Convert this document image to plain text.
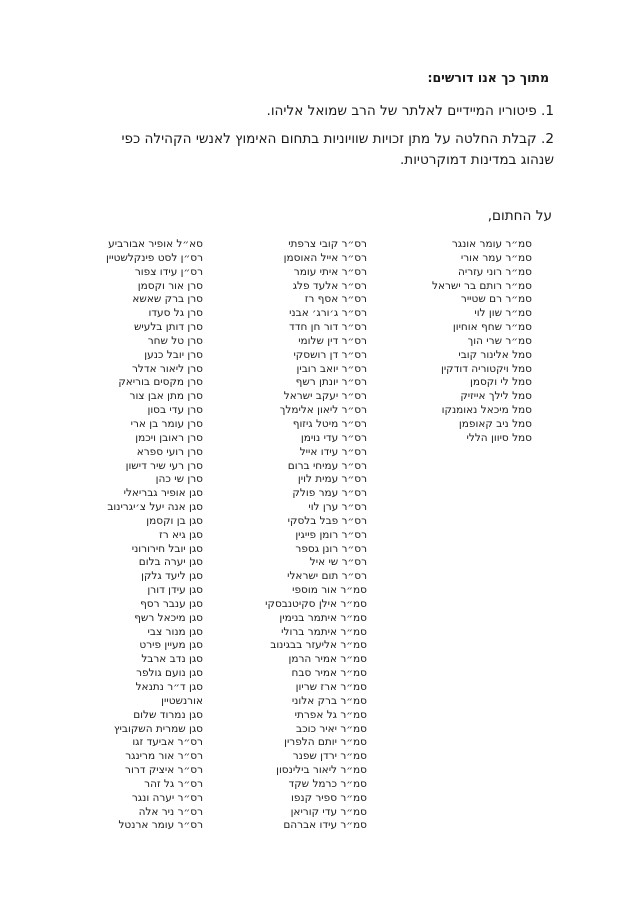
מתוך כך אנו דורשים:

1. פיטוריו המיידיים לאלתר של הרב שמואל אליהו.

2. קבלת החלטה על מתן זכויות שוויוניות בתחום האימוץ לאנשי הקהילה כפי שנהוג במדינות דמוקרטיות.

על החתום,

סמ״ר עומר אונגר
סמ״ר עמר אורי
סמ״ר רוני עזריה
סמ״ר רותם בר ישראל
סמ״ר רם שטייר
סמ״ר שון לוי
סמ״ר שחף אוחיון
סמ״ר שרי הוך
סמל אלינור קובי
סמל ויקטוריה דודקין
סמל לי וקסמן
סמל לילך אייזיק
סמל מיכאל נאומנקו
סמל ניב קאופמן
סמל סיוון הללי
רס״ר קובי צרפתי
רס״ר אייל האוסמן
רס״ר איתי עומר
רס״ר אלעד פלג
רס״ר אסף רז
רס״ר ג׳ורג׳ אבני
רס״ר דור חן חדד
רס״ר דין שלומי
רס״ר דן רושסקי
רס״ר יואב רובין
רס״ר יונתן רשף
רס״ר יעקב ישראל
רס״ר ליאון אלימלך
רס״ר מיטל גיזוף
רס״ר עדי נוימן
רס״ר עידו אייל
רס״ר עמיחי ברום
רס״ר עמית לוין
רס״ר עמר פולק
רס״ר ערן לוי
רס״ר פבל בלסקי
רס״ר רומן פייגין
רס״ר רונן גספר
רס״ר שי איל
רס״ר תום ישראלי
סמ״ר אור מוספי
סמ״ר אילן סקיטנבסקי
סמ״ר איתמר בנימין
סמ״ר איתמר ברולי
סמ״ר אליעזר בבגינוב
סמ״ר אמיר הרמן
סמ״ר אמיר סבח
סמ״ר ארז שריון
סמ״ר ברק אלוני
סמ״ר גל אפרתי
סמ״ר יאיר כוכב
סמ״ר יותם הלפרין
סמ״ר ירדן שפנר
סמ״ר ליאור בילינסון
סמ״ר כרמל שקד
סמ״ר ספיר קנפו
סמ״ר עדי קוריאן
סמ״ר עידו אברהם
סא״ל אופיר אבורביע
רס״ן לסט פינקלשטיין
רס״ן עידו צפור
סרן אור וקסמן
סרן ברק שאשא
סרן גל סעדו
סרן דותן בלעיש
סרן טל שחר
סרן יובל כנען
סרן ליאור אדלר
סרן מקסים בוריאק
סרן מתן אבן צור
סרן עדי בסון
סרן עומר בן ארי
סרן ראובן ויכמן
סרן רועי ספרא
סרן רעי שיר דישון
סרן שי כהן
סגן אופיר גבריאלי
סגן אנה יעל צ׳יגרינוב
סגן בן וקסמן
סגן גיא רז
סגן יובל חירורוני
סגן יערה בלום
סגן ליעד גלקן
סגן עידן דורן
סגן ענבר רסף
סגן מיכאל רשף
סגן מנור צבי
סגן מעיין פירט
סגן נדב ארבל
סגן נועם גולפר
סגן ד״ר נתנאל
אורנשטיין
סגן נמרוד שלום
סגן שמרית השקוביץ
רס״ר אביעד זגו
רס״ר אור מרינגר
רס״ר איציק דרור
רס״ר גל זהר
רס״ר יערה ונגר
רס״ר ניר אלה
רס״ר עומר ארנטל
